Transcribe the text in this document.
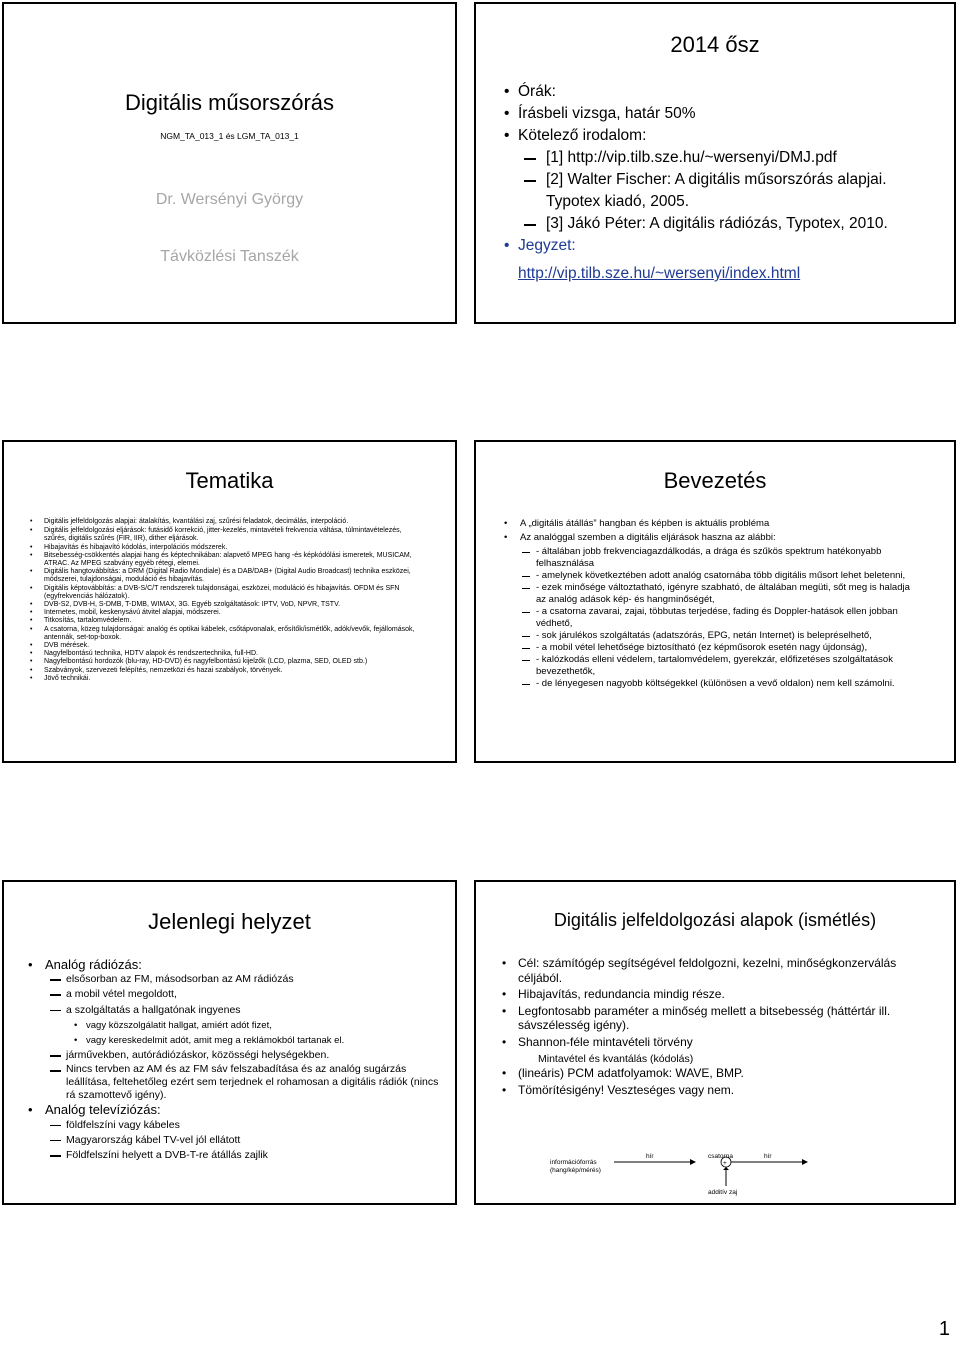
Digitális műsorszórás
NGM_TA_013_1 és LGM_TA_013_1
Dr. Wersényi György
Távközlési Tanszék
2014 ősz
• Órák:
• Írásbeli vizsga, határ 50%
• Kötelező irodalom:
[1] http://vip.tilb.sze.hu/~wersenyi/DMJ.pdf
[2] Walter Fischer: A digitális műsorszórás alapjai.
Typotex kiadó, 2005.
[3] Jákó Péter: A digitális rádiózás, Typotex, 2010.
• Jegyzet:
http://vip.tilb.sze.hu/~wersenyi/index.html
Tematika
• Digitális jelfeldolgozás alapjai: átalakítás, kvantálási zaj, szűrési feladatok, decimálás, interpoláció.
• Digitális jelfeldolgozási eljárások: futásidő korrekció, jitter-kezelés, mintavételi frekvencia váltása, túlmintavételezés, szűrés, digitális szűrés (FIR, IIR), dither eljárások.
• Hibajavítás és hibajavító kódolás, interpolációs módszerek.
• Bitsebesség-csökkentés alapjai hang és képtechnikában: alapvető MPEG hang -és képkódólási ismeretek, MUSICAM, ATRAC. Az MPEG szabvány egyéb rétegi, elemei.
• Digitális hangtovábbítás: a DRM (Digital Radio Mondiale) és a DAB/DAB+ (Digital Audio Broadcast) technika eszközei, módszerei, tulajdonságai, moduláció és hibajavítás.
• Digitális képtovábbítás: a DVB-S/C/T rendszerek tulajdonságai, eszközei, moduláció és hibajavítás. OFDM és SFN (egyfrekvenciás hálózatok).
• DVB-S2, DVB-H, S-DMB, T-DMB, WIMAX, 3G. Egyéb szolgáltatások: IPTV, VoD, NPVR, TSTV.
• Internetes, mobil, keskenysávú átvitel alapjai, módszerei.
• Titkosítás, tartalomvédelem.
• A csatorna, közeg tulajdonságai: analóg és optikai kábelek, csőtápvonalak, erősítők/ismétlők, adók/vevők, fejállomások, antennák, set-top-boxok.
• DVB mérések.
• Nagyfelbontású technika, HDTV alapok és rendszertechnika, full-HD.
• Nagyfelbontású hordozók (blu-ray, HD-DVD) és nagyfelbontású kijelzők (LCD, plazma, SED, OLED stb.)
• Szabványok, szervezeti felépítés, nemzetközi és hazai szabályok, törvények.
• Jövő technikái.
Bevezetés
• A „digitális átállás” hangban és képben is aktuális probléma
• Az analóggal szemben a digitális eljárások haszna az alábbi:
- általában jobb frekvenciagazdálkodás, a drága és szűkös spektrum hatékonyabb felhasználása
- amelynek következtében adott analóg csatornába több digitális műsort lehet beletenni,
- ezek minősége változtatható, igényre szabható, de általában megüti, sőt meg is haladja az analóg adások kép- és hangminőségét,
- a csatorna zavarai, zajai, többutas terjedése, fading és Doppler-hatások ellen jobban védhető,
- sok járulékos szolgáltatás (adatszórás, EPG, netán Internet) is belepréselhető,
- a mobil vétel lehetősége biztosítható (ez képműsorok esetén nagy újdonság),
- kalózkodás elleni védelem, tartalomvédelem, gyerekzár, előfizetéses szolgáltatások bevezethetők,
- de lényegesen nagyobb költségekkel (különösen a vevő oldalon) nem kell számolni.
Jelenlegi helyzet
• Analóg rádiózás:
elsősorban az FM, másodsorban az AM rádiózás
a mobil vétel megoldott,
a szolgáltatás a hallgatónak ingyenes
• vagy közszolgálatit hallgat, amiért adót fizet,
• vagy kereskedelmit adót, amit meg a reklámokból tartanak el.
járművekben, autórádiózáskor, közösségi helységekben.
Nincs tervben az AM és az FM sáv felszabadítása és az analóg sugárzás leállítása, feltehetőleg ezért sem terjednek el rohamosan a digitális rádiók (nincs rá szamottevő igény).
• Analóg televíziózás:
földfelszíni vagy kábeles
Magyarország kábel TV-vel jól ellátott
Földfelszíni helyett a DVB-T-re átállás zajlik
Digitális jelfeldolgozási alapok (ismétlés)
• Cél: számítógép segítségével feldolgozni, kezelni, minőségkonzerválás céljából.
• Hibajavítás, redundancia mindig része.
• Legfontosabb paraméter a minőség mellett a bitsebesség (háttértár ill. sávszélesség igény).
• Shannon-féle mintavételi törvény
Mintavétel és kvantálás (kódolás)
• (lineáris) PCM adatfolyamok: WAVE, BMP.
• Tömörítésigény! Veszteséges vagy nem.
információforrás
(hang/kép/mérés)
hír	csatorna
+
hír
additív zaj
1
